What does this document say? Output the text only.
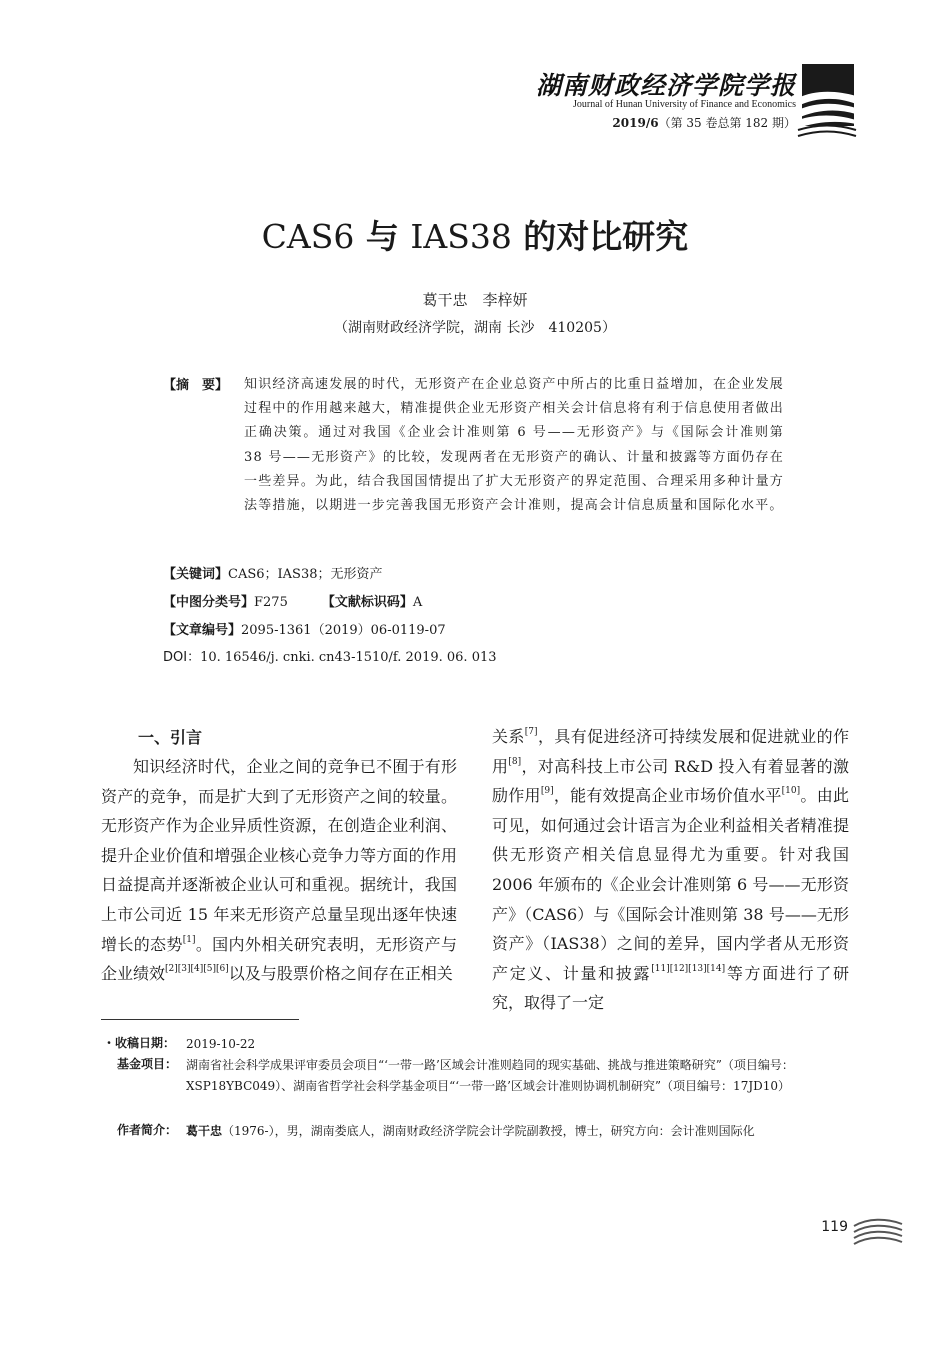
湖南财政经济学院学报
Journal of Hunan University of Finance and Economics
2019/6（第 35 卷总第 182 期）
CAS6 与 IAS38 的对比研究
葛干忠　李梓妍
（湖南财政经济学院，湖南 长沙　410205）
【摘　要】 知识经济高速发展的时代，无形资产在企业总资产中所占的比重日益增加，在企业发展过程中的作用越来越大，精准提供企业无形资产相关会计信息将有利于信息使用者做出正确决策。通过对我国《企业会计准则第 6 号——无形资产》与《国际会计准则第 38 号——无形资产》的比较，发现两者在无形资产的确认、计量和披露等方面仍存在一些差异。为此，结合我国国情提出了扩大无形资产的界定范围、合理采用多种计量方法等措施，以期进一步完善我国无形资产会计准则，提高会计信息质量和国际化水平。
【关键词】CAS6；IAS38；无形资产
【中图分类号】F275	【文献标识码】A
【文章编号】2095-1361（2019）06-0119-07
DOI：10. 16546/j. cnki. cn43-1510/f. 2019. 06. 013
一、引言
知识经济时代，企业之间的竞争已不囿于有形资产的竞争，而是扩大到了无形资产之间的较量。无形资产作为企业异质性资源，在创造企业利润、提升企业价值和增强企业核心竞争力等方面的作用日益提高并逐渐被企业认可和重视。据统计，我国上市公司近 15 年来无形资产总量呈现出逐年快速增长的态势[1]。国内外相关研究表明，无形资产与企业绩效[2][3][4][5][6]以及与股票价格之间存在正相关
关系[7]，具有促进经济可持续发展和促进就业的作用[8]，对高科技上市公司 R&D 投入有着显著的激励作用[9]，能有效提高企业市场价值水平[10]。由此可见，如何通过会计语言为企业利益相关者精准提供无形资产相关信息显得尤为重要。针对我国2006 年颁布的《企业会计准则第 6 号——无形资产》（CAS6）与《国际会计准则第 38 号——无形资产》（IAS38）之间的差异，国内学者从无形资产定义、计量和披露[11][12][13][14]等方面进行了研究，取得了一定
・收稿日期： 2019-10-22
基金项目： 湖南省社会科学成果评审委员会项目“‘一带一路’区域会计准则趋同的现实基础、挑战与推进策略研究”（项目编号：XSP18YBC049）、湖南省哲学社会科学基金项目“‘一带一路’区域会计准则协调机制研究”（项目编号：17JD10）
作者简介： 葛干忠（1976-），男，湖南娄底人，湖南财政经济学院会计学院副教授，博士，研究方向：会计准则国际化
119
